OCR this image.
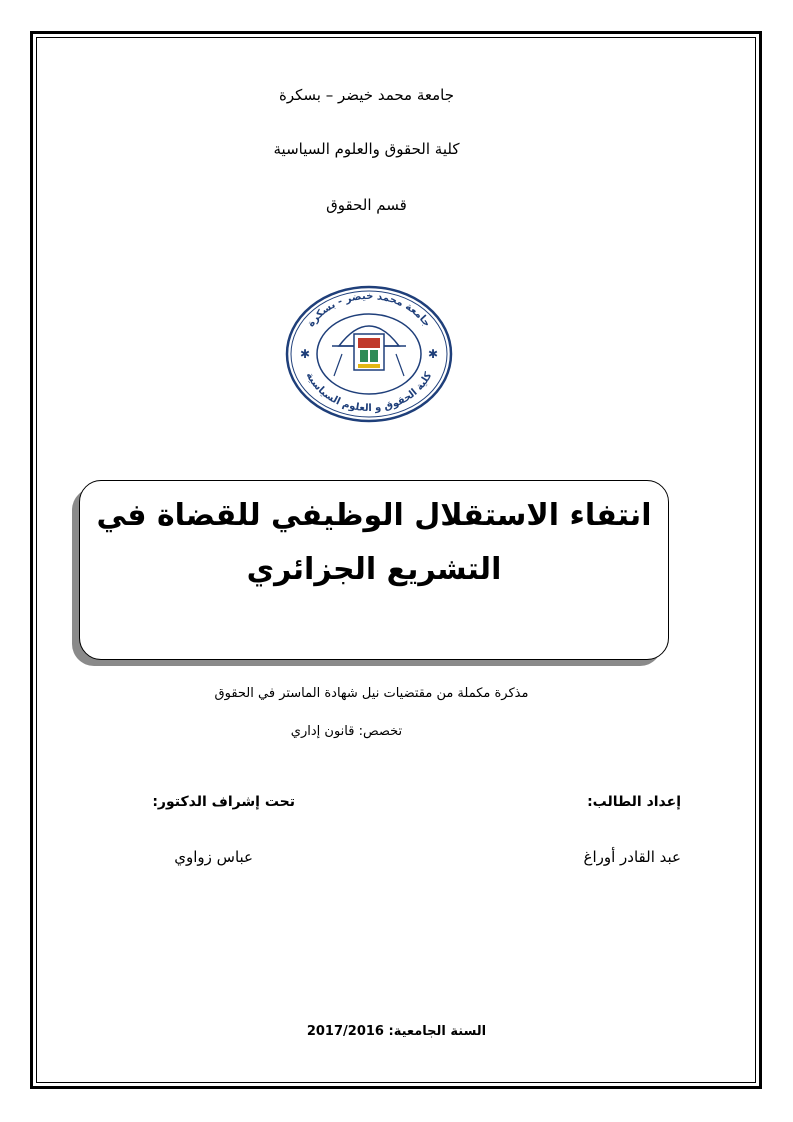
جامعة محمد خيضر – بسكرة
كلية الحقوق والعلوم السياسية
قسم الحقوق
جامعة محمد خيضر - بسكرة
كلية الحقوق و العلوم السياسية
✱	✱
انتفاء الاستقلال الوظيفي للقضاة في
التشريع الجزائري
مذكرة مكملة من مقتضيات نيل شهادة الماستر في الحقوق
تخصص: قانون إداري
إعداد الطالب:
تحت إشراف الدكتور:
عبد القادر أوراغ
عباس زواوي
السنة الجامعية: 2017/2016
